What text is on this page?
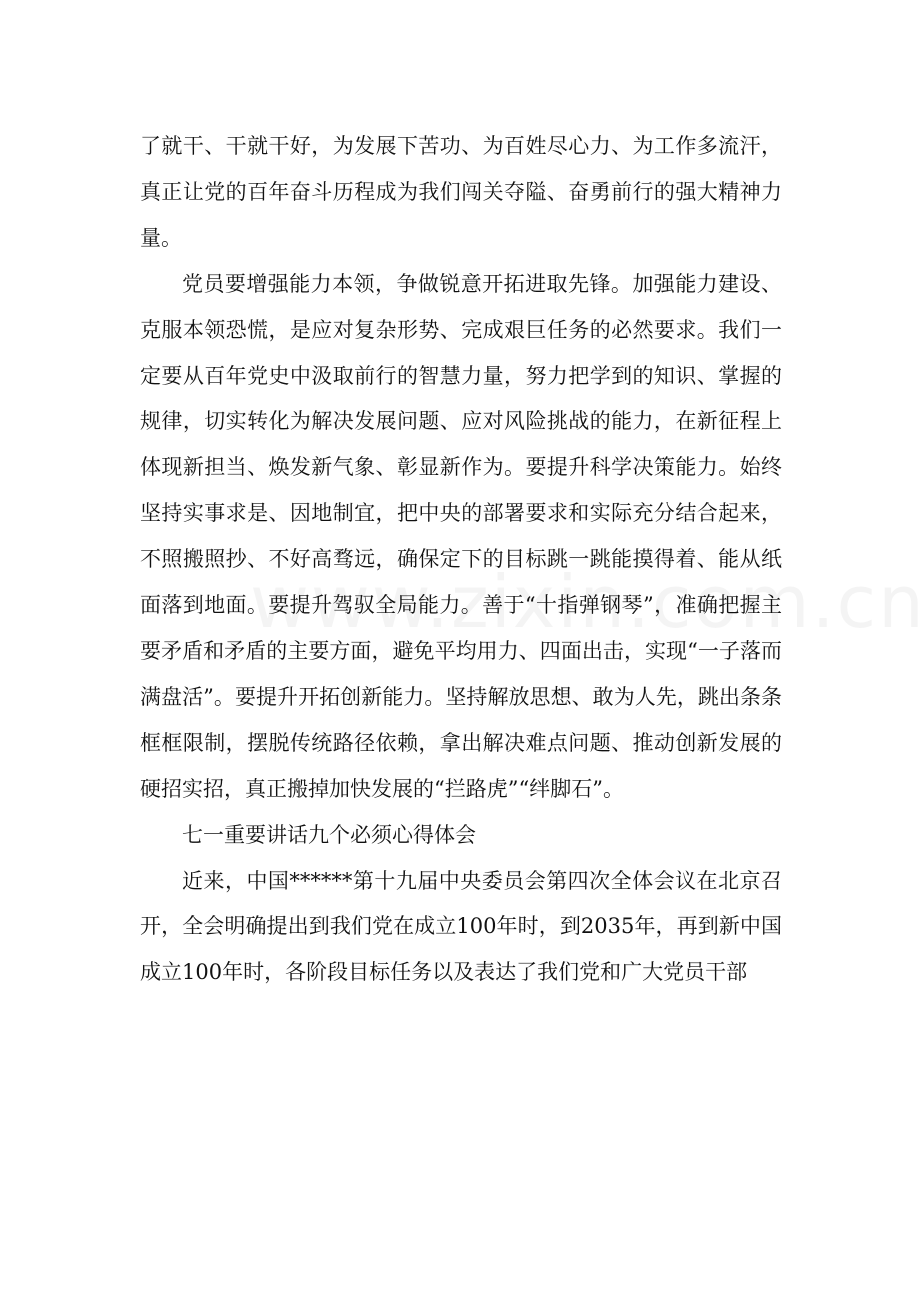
了就干、干就干好，为发展下苦功、为百姓尽心力、为工作多流汗，真正让党的百年奋斗历程成为我们闯关夺隘、奋勇前行的强大精神力量。

党员要增强能力本领，争做锐意开拓进取先锋。加强能力建设、克服本领恐慌，是应对复杂形势、完成艰巨任务的必然要求。我们一定要从百年党史中汲取前行的智慧力量，努力把学到的知识、掌握的规律，切实转化为解决发展问题、应对风险挑战的能力，在新征程上体现新担当、焕发新气象、彰显新作为。要提升科学决策能力。始终坚持实事求是、因地制宜，把中央的部署要求和实际充分结合起来，不照搬照抄、不好高骛远，确保定下的目标跳一跳能摸得着、能从纸面落到地面。要提升驾驭全局能力。善于“十指弹钢琴”，准确把握主要矛盾和矛盾的主要方面，避免平均用力、四面出击，实现“一子落而满盘活”。要提升开拓创新能力。坚持解放思想、敢为人先，跳出条条框框限制，摆脱传统路径依赖，拿出解决难点问题、推动创新发展的硬招实招，真正搬掉加快发展的“拦路虎”“绊脚石”。

七一重要讲话九个必须心得体会

近来，中国******第十九届中央委员会第四次全体会议在北京召开，全会明确提出到我们党在成立100年时，到2035年，再到新中国成立100年时，各阶段目标任务以及表达了我们党和广大党员干部
